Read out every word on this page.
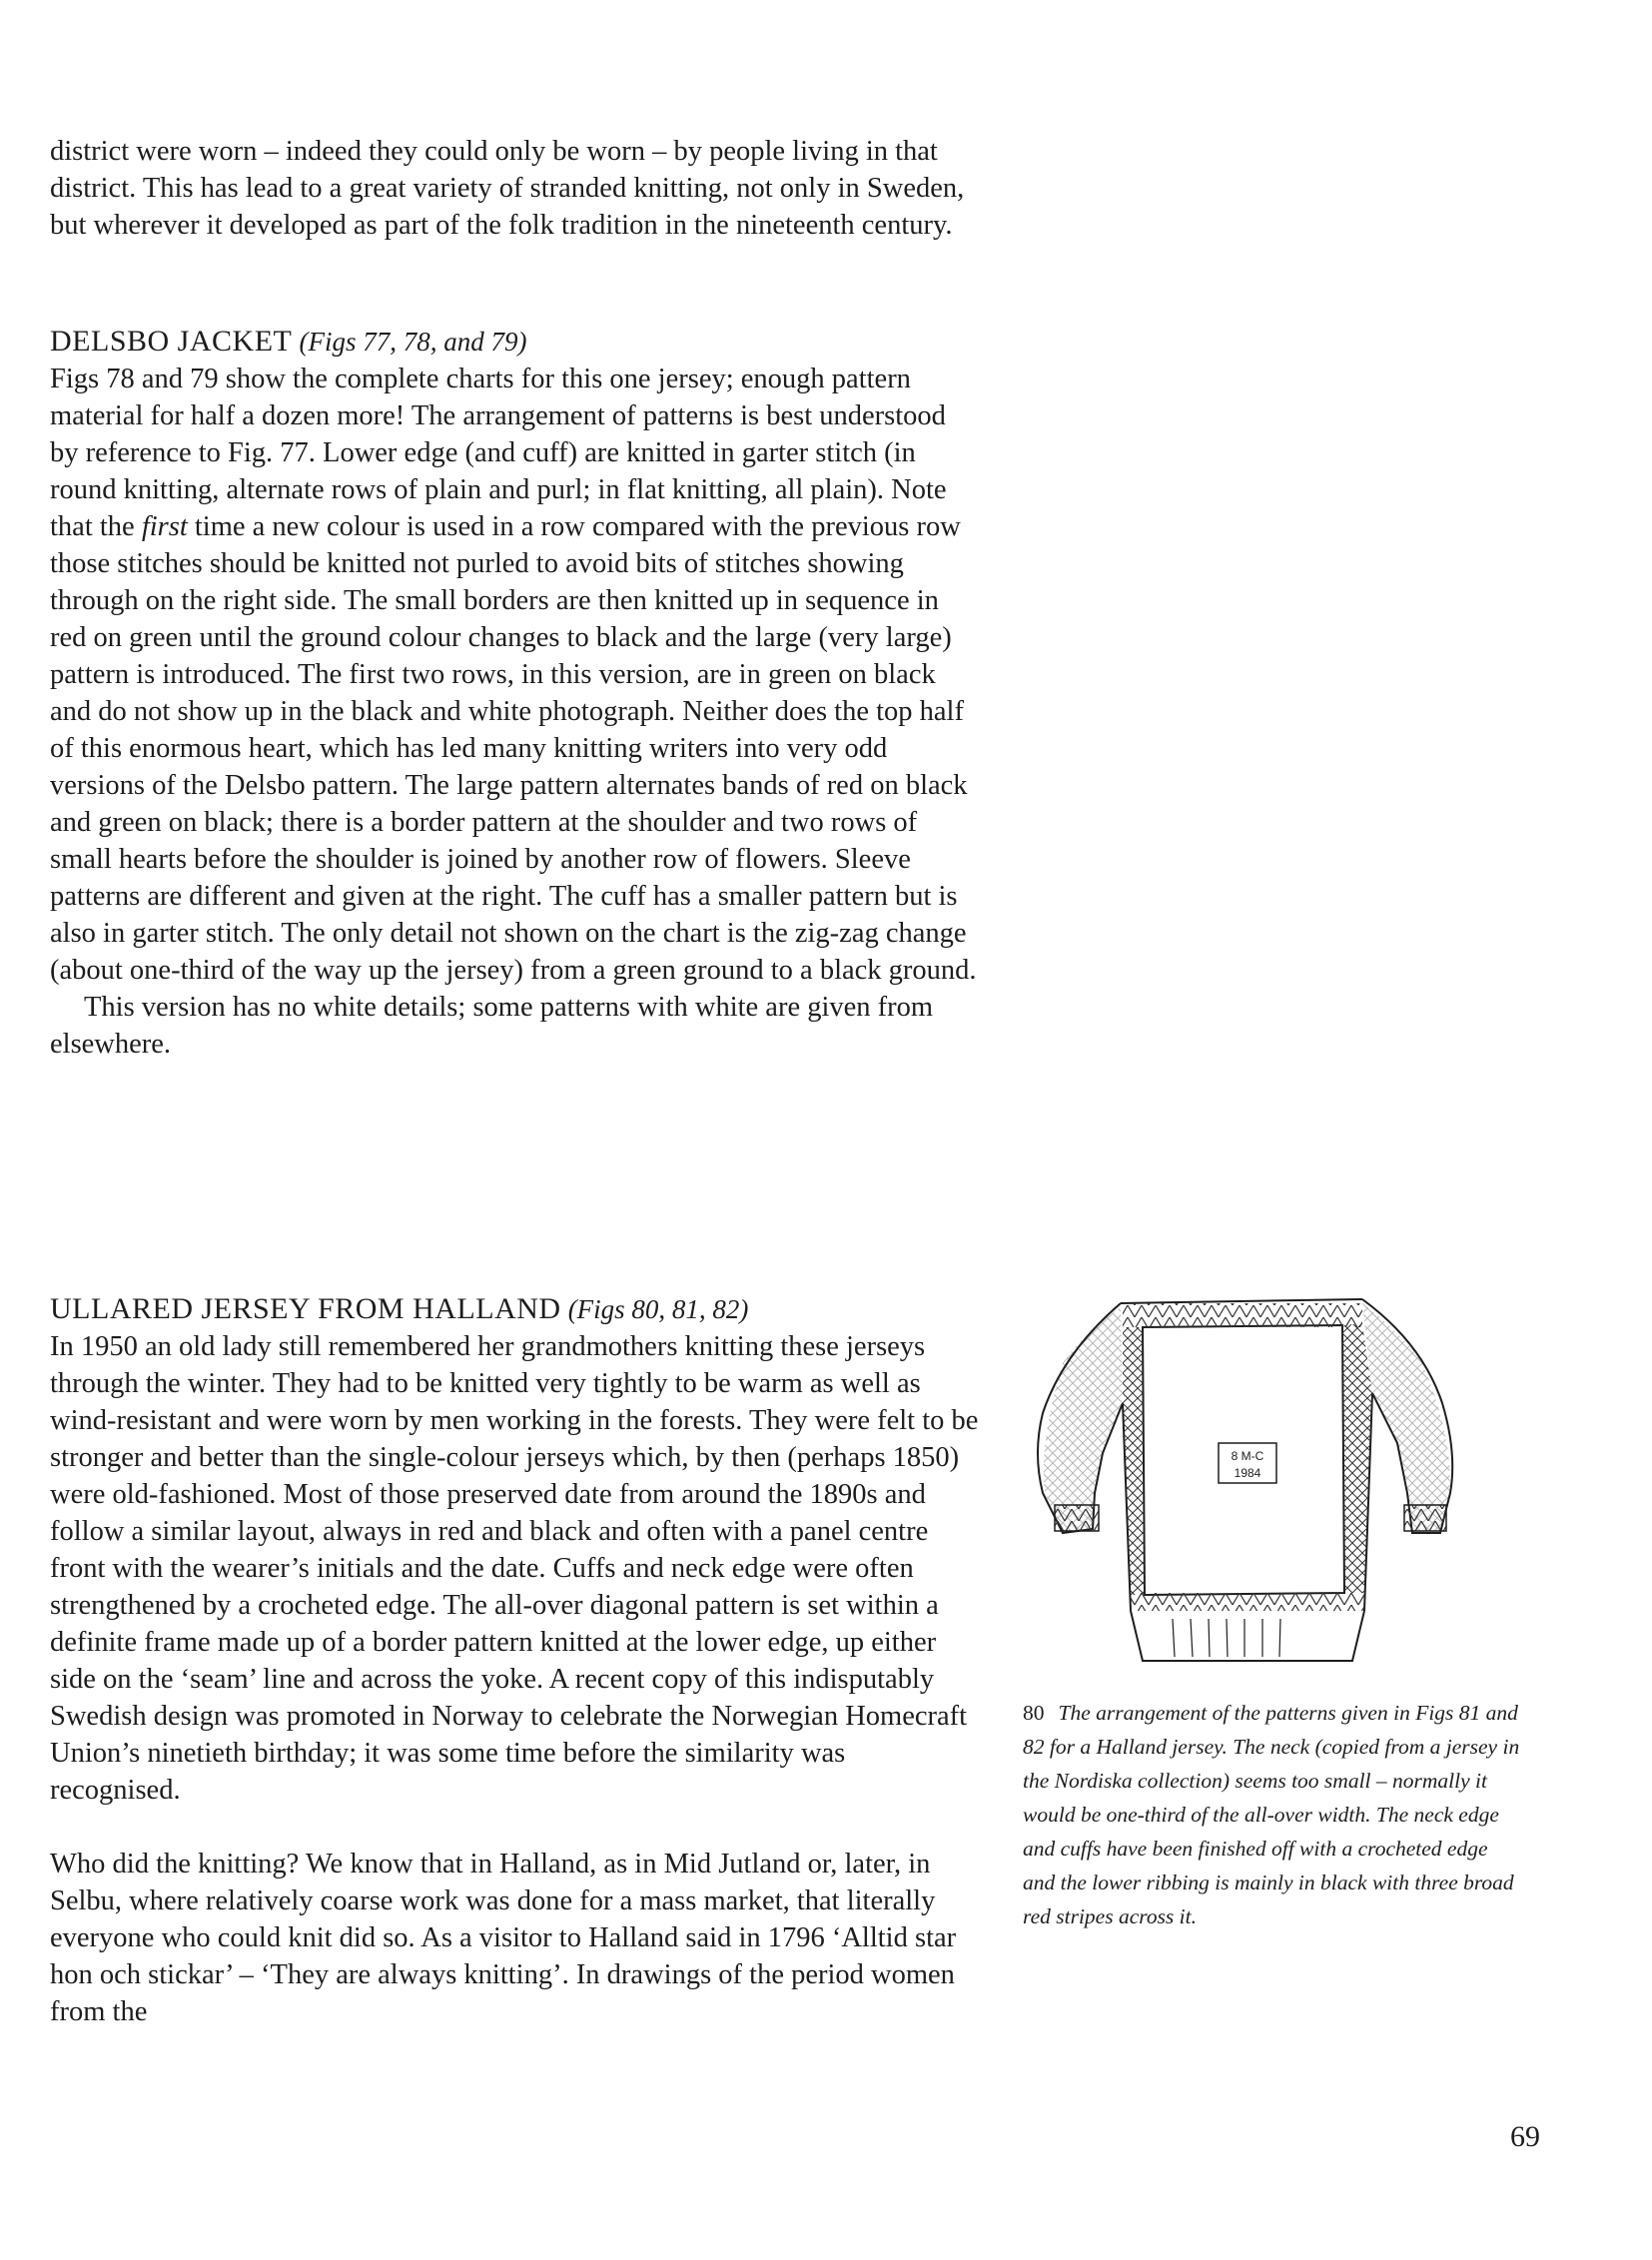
district were worn – indeed they could only be worn – by people living in that district. This has lead to a great variety of stranded knitting, not only in Sweden, but wherever it developed as part of the folk tradition in the nineteenth century.

DELSBO JACKET (Figs 77, 78, and 79)

Figs 78 and 79 show the complete charts for this one jersey; enough pattern material for half a dozen more! The arrangement of patterns is best understood by reference to Fig. 77. Lower edge (and cuff) are knitted in garter stitch (in round knitting, alternate rows of plain and purl; in flat knitting, all plain). Note that the first time a new colour is used in a row compared with the previous row those stitches should be knitted not purled to avoid bits of stitches showing through on the right side. The small borders are then knitted up in sequence in red on green until the ground colour changes to black and the large (very large) pattern is introduced. The first two rows, in this version, are in green on black and do not show up in the black and white photograph. Neither does the top half of this enormous heart, which has led many knitting writers into very odd versions of the Delsbo pattern. The large pattern alternates bands of red on black and green on black; there is a border pattern at the shoulder and two rows of small hearts before the shoulder is joined by another row of flowers. Sleeve patterns are different and given at the right. The cuff has a smaller pattern but is also in garter stitch. The only detail not shown on the chart is the zig-zag change (about one-third of the way up the jersey) from a green ground to a black ground.

This version has no white details; some patterns with white are given from elsewhere.

ULLARED JERSEY FROM HALLAND (Figs 80, 81, 82)

In 1950 an old lady still remembered her grandmothers knitting these jerseys through the winter. They had to be knitted very tightly to be warm as well as wind-resistant and were worn by men working in the forests. They were felt to be stronger and better than the single-colour jerseys which, by then (perhaps 1850) were old-fashioned. Most of those preserved date from around the 1890s and follow a similar layout, always in red and black and often with a panel centre front with the wearer’s initials and the date. Cuffs and neck edge were often strengthened by a crocheted edge. The all-over diagonal pattern is set within a definite frame made up of a border pattern knitted at the lower edge, up either side on the ‘seam’ line and across the yoke. A recent copy of this indisputably Swedish design was promoted in Norway to celebrate the Norwegian Homecraft Union’s ninetieth birthday; it was some time before the similarity was recognised.

Who did the knitting? We know that in Halland, as in Mid Jutland or, later, in Selbu, where relatively coarse work was done for a mass market, that literally everyone who could knit did so. As a visitor to Halland said in 1796 ‘Alltid star hon och stickar’ – ‘They are always knitting’. In drawings of the period women from the

8 M-C
1984
80 The arrangement of the patterns given in Figs 81 and 82 for a Halland jersey. The neck (copied from a jersey in the Nordiska collection) seems too small – normally it would be one-third of the all-over width. The neck edge and cuffs have been finished off with a crocheted edge and the lower ribbing is mainly in black with three broad red stripes across it.
69
